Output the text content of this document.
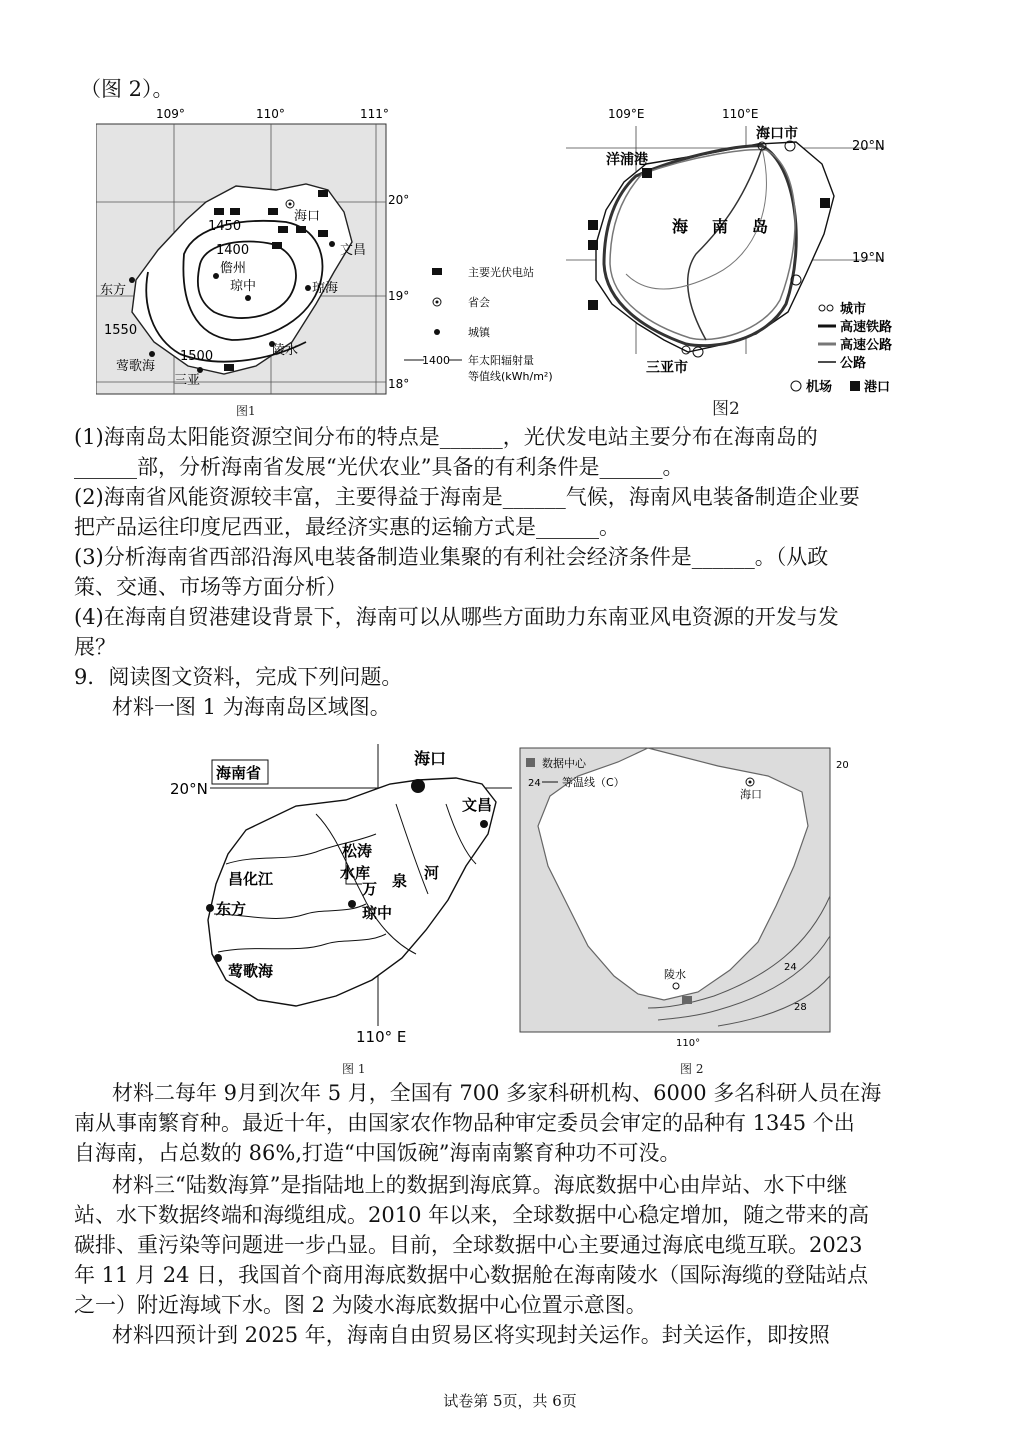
（图 2）。
109°	110°	111°
20°
19°
18°
1450
1400
1550
1500
海口
文昌
儋州
琼中	琼海
东方
莺歌海
三亚
陵水
主要光伏电站
省会
城镇
1400 年太阳辐射量
等值线(kWh/m²)
图1
109°E	110°E
20°N
19°N
海口市
洋浦港
三亚市
海 南 岛
城市
高速铁路
高速公路
公路
机场 港口
图2
(1)海南岛太阳能资源空间分布的特点是______，光伏发电站主要分布在海南岛的
______部，分析海南省发展“光伏农业”具备的有利条件是______。
(2)海南省风能资源较丰富，主要得益于海南是______气候，海南风电装备制造企业要
把产品运往印度尼西亚，最经济实惠的运输方式是______。
(3)分析海南省西部沿海风电装备制造业集聚的有利社会经济条件是______。（从政
策、交通、市场等方面分析）
(4)在海南自贸港建设背景下，海南可以从哪些方面助力东南亚风电资源的开发与发
展？
9．阅读图文资料，完成下列问题。
材料一图 1 为海南岛区域图。
海南省
20°N
110° E
海口
文昌
松涛
水库
万 泉 河
昌化江
东方	琼中
莺歌海
图 1
数据中心
24 等温线（C）
20
110°
海口
陵水
24
28
图 2
材料二每年 9月到次年 5 月，全国有 700 多家科研机构、6000 多名科研人员在海
南从事南繁育种。最近十年，由国家农作物品种审定委员会审定的品种有 1345 个出
自海南，占总数的 86%,打造“中国饭碗”海南南繁育种功不可没。
材料三“陆数海算”是指陆地上的数据到海底算。海底数据中心由岸站、水下中继
站、水下数据终端和海缆组成。2010 年以来，全球数据中心稳定增加，随之带来的高
碳排、重污染等问题进一步凸显。目前，全球数据中心主要通过海底电缆互联。2023
年 11 月 24 日，我国首个商用海底数据中心数据舱在海南陵水（国际海缆的登陆站点
之一）附近海域下水。图 2 为陵水海底数据中心位置示意图。
材料四预计到 2025 年，海南自由贸易区将实现封关运作。封关运作，即按照
试卷第 5页，共 6页
